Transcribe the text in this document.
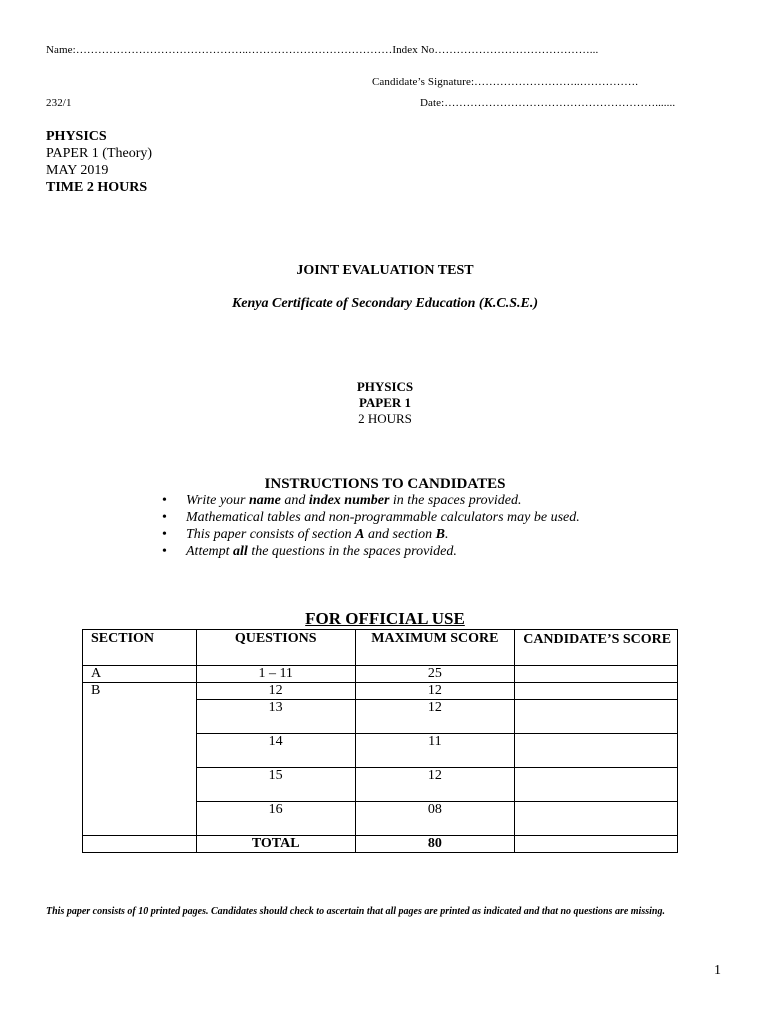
Name:………………………………………..…………………………………Index No……………………………………...
Candidate’s Signature:………………………..…………….
232/1	Date:………………………………………………….......
PHYSICS
PAPER 1 (Theory)
MAY 2019
TIME 2 HOURS
JOINT EVALUATION TEST
Kenya Certificate of Secondary Education (K.C.S.E.)
PHYSICS
PAPER 1
2 HOURS
INSTRUCTIONS TO CANDIDATES
• Write your name and index number in the spaces provided.
• Mathematical tables and non-programmable calculators may be used.
• This paper consists of section A and section B.
• Attempt all the questions in the spaces provided.
FOR OFFICIAL USE
SECTION	QUESTIONS	MAXIMUM SCORE	CANDIDATE’S SCORE
A	1 – 11	25	
B	12	12	
	13	12	
	14	11	
	15	12	
	16	08	
	TOTAL	80	
This paper consists of 10 printed pages. Candidates should check to ascertain that all pages are printed as indicated and that no questions are missing.
1
